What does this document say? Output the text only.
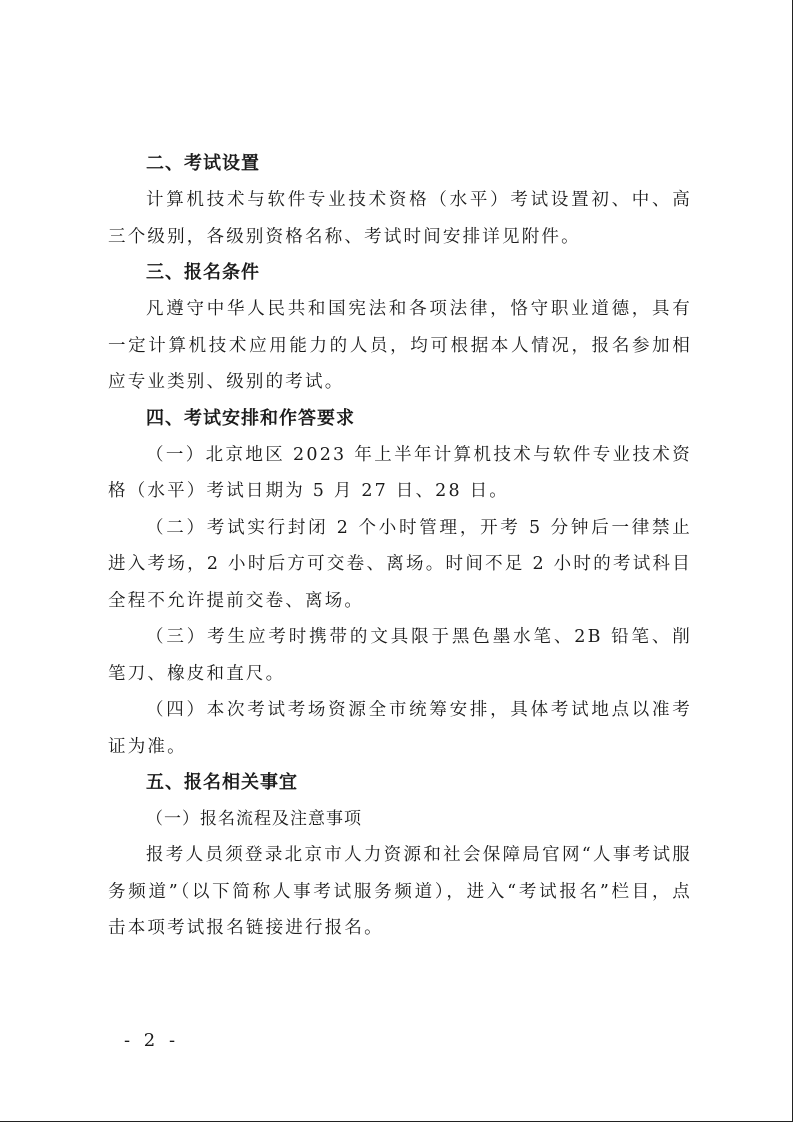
二、考试设置

计算机技术与软件专业技术资格（水平）考试设置初、中、高三个级别，各级别资格名称、考试时间安排详见附件。

三、报名条件

凡遵守中华人民共和国宪法和各项法律，恪守职业道德，具有一定计算机技术应用能力的人员，均可根据本人情况，报名参加相应专业类别、级别的考试。

四、考试安排和作答要求

（一）北京地区 2023 年上半年计算机技术与软件专业技术资格（水平）考试日期为 5 月 27 日、28 日。

（二）考试实行封闭 2 个小时管理，开考 5 分钟后一律禁止进入考场，2 小时后方可交卷、离场。时间不足 2 小时的考试科目全程不允许提前交卷、离场。

（三）考生应考时携带的文具限于黑色墨水笔、2B 铅笔、削笔刀、橡皮和直尺。

（四）本次考试考场资源全市统筹安排，具体考试地点以准考证为准。

五、报名相关事宜

（一）报名流程及注意事项

报考人员须登录北京市人力资源和社会保障局官网“人事考试服务频道”（以下简称人事考试服务频道），进入“考试报名”栏目，点击本项考试报名链接进行报名。

- 2 -
